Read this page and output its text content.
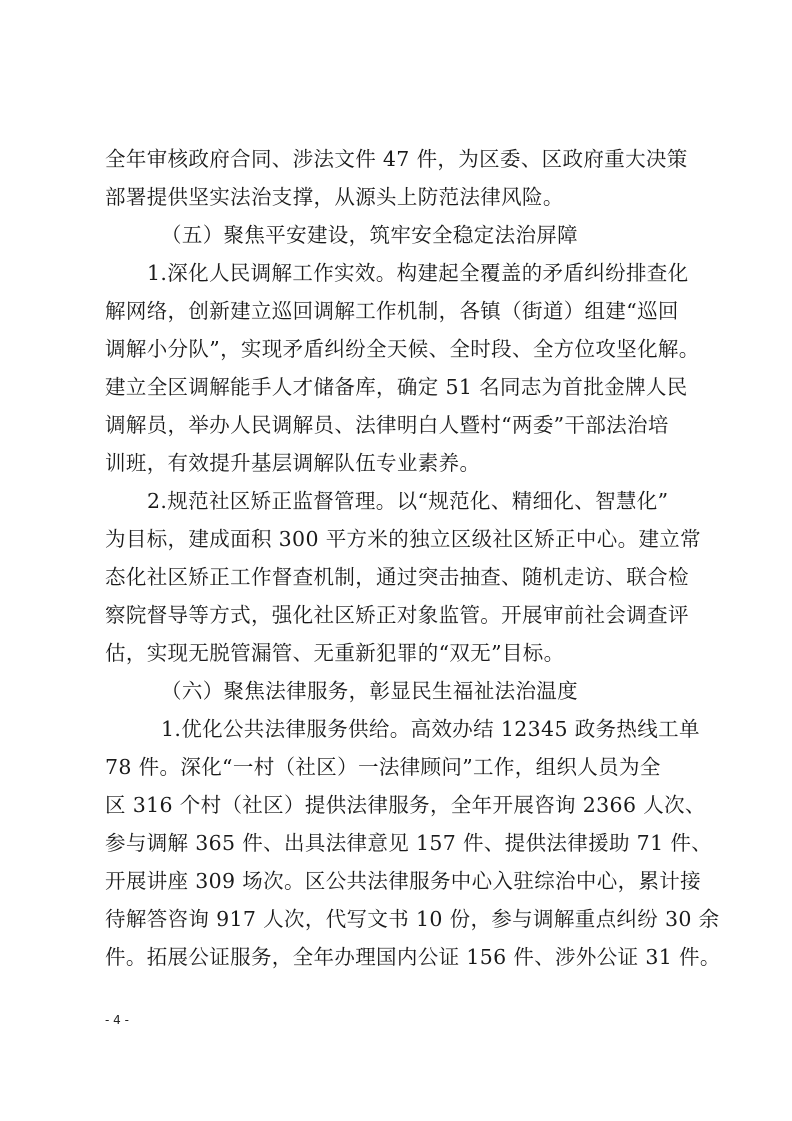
全年审核政府合同、涉法文件 47 件，为区委、区政府重大决策
部署提供坚实法治支撑，从源头上防范法律风险。
（五）聚焦平安建设，筑牢安全稳定法治屏障
1.深化人民调解工作实效。构建起全覆盖的矛盾纠纷排查化
解网络，创新建立巡回调解工作机制，各镇（街道）组建“巡回
调解小分队”，实现矛盾纠纷全天候、全时段、全方位攻坚化解。
建立全区调解能手人才储备库，确定 51 名同志为首批金牌人民
调解员，举办人民调解员、法律明白人暨村“两委”干部法治培
训班，有效提升基层调解队伍专业素养。
2.规范社区矫正监督管理。以“规范化、精细化、智慧化”
为目标，建成面积 300 平方米的独立区级社区矫正中心。建立常
态化社区矫正工作督查机制，通过突击抽查、随机走访、联合检
察院督导等方式，强化社区矫正对象监管。开展审前社会调查评
估，实现无脱管漏管、无重新犯罪的“双无”目标。
（六）聚焦法律服务，彰显民生福祉法治温度
1.优化公共法律服务供给。高效办结 12345 政务热线工单
78 件。深化“一村（社区）一法律顾问”工作，组织人员为全
区 316 个村（社区）提供法律服务，全年开展咨询 2366 人次、
参与调解 365 件、出具法律意见 157 件、提供法律援助 71 件、
开展讲座 309 场次。区公共法律服务中心入驻综治中心，累计接
待解答咨询 917 人次，代写文书 10 份，参与调解重点纠纷 30 余
件。拓展公证服务，全年办理国内公证 156 件、涉外公证 31 件。
- 4 -
